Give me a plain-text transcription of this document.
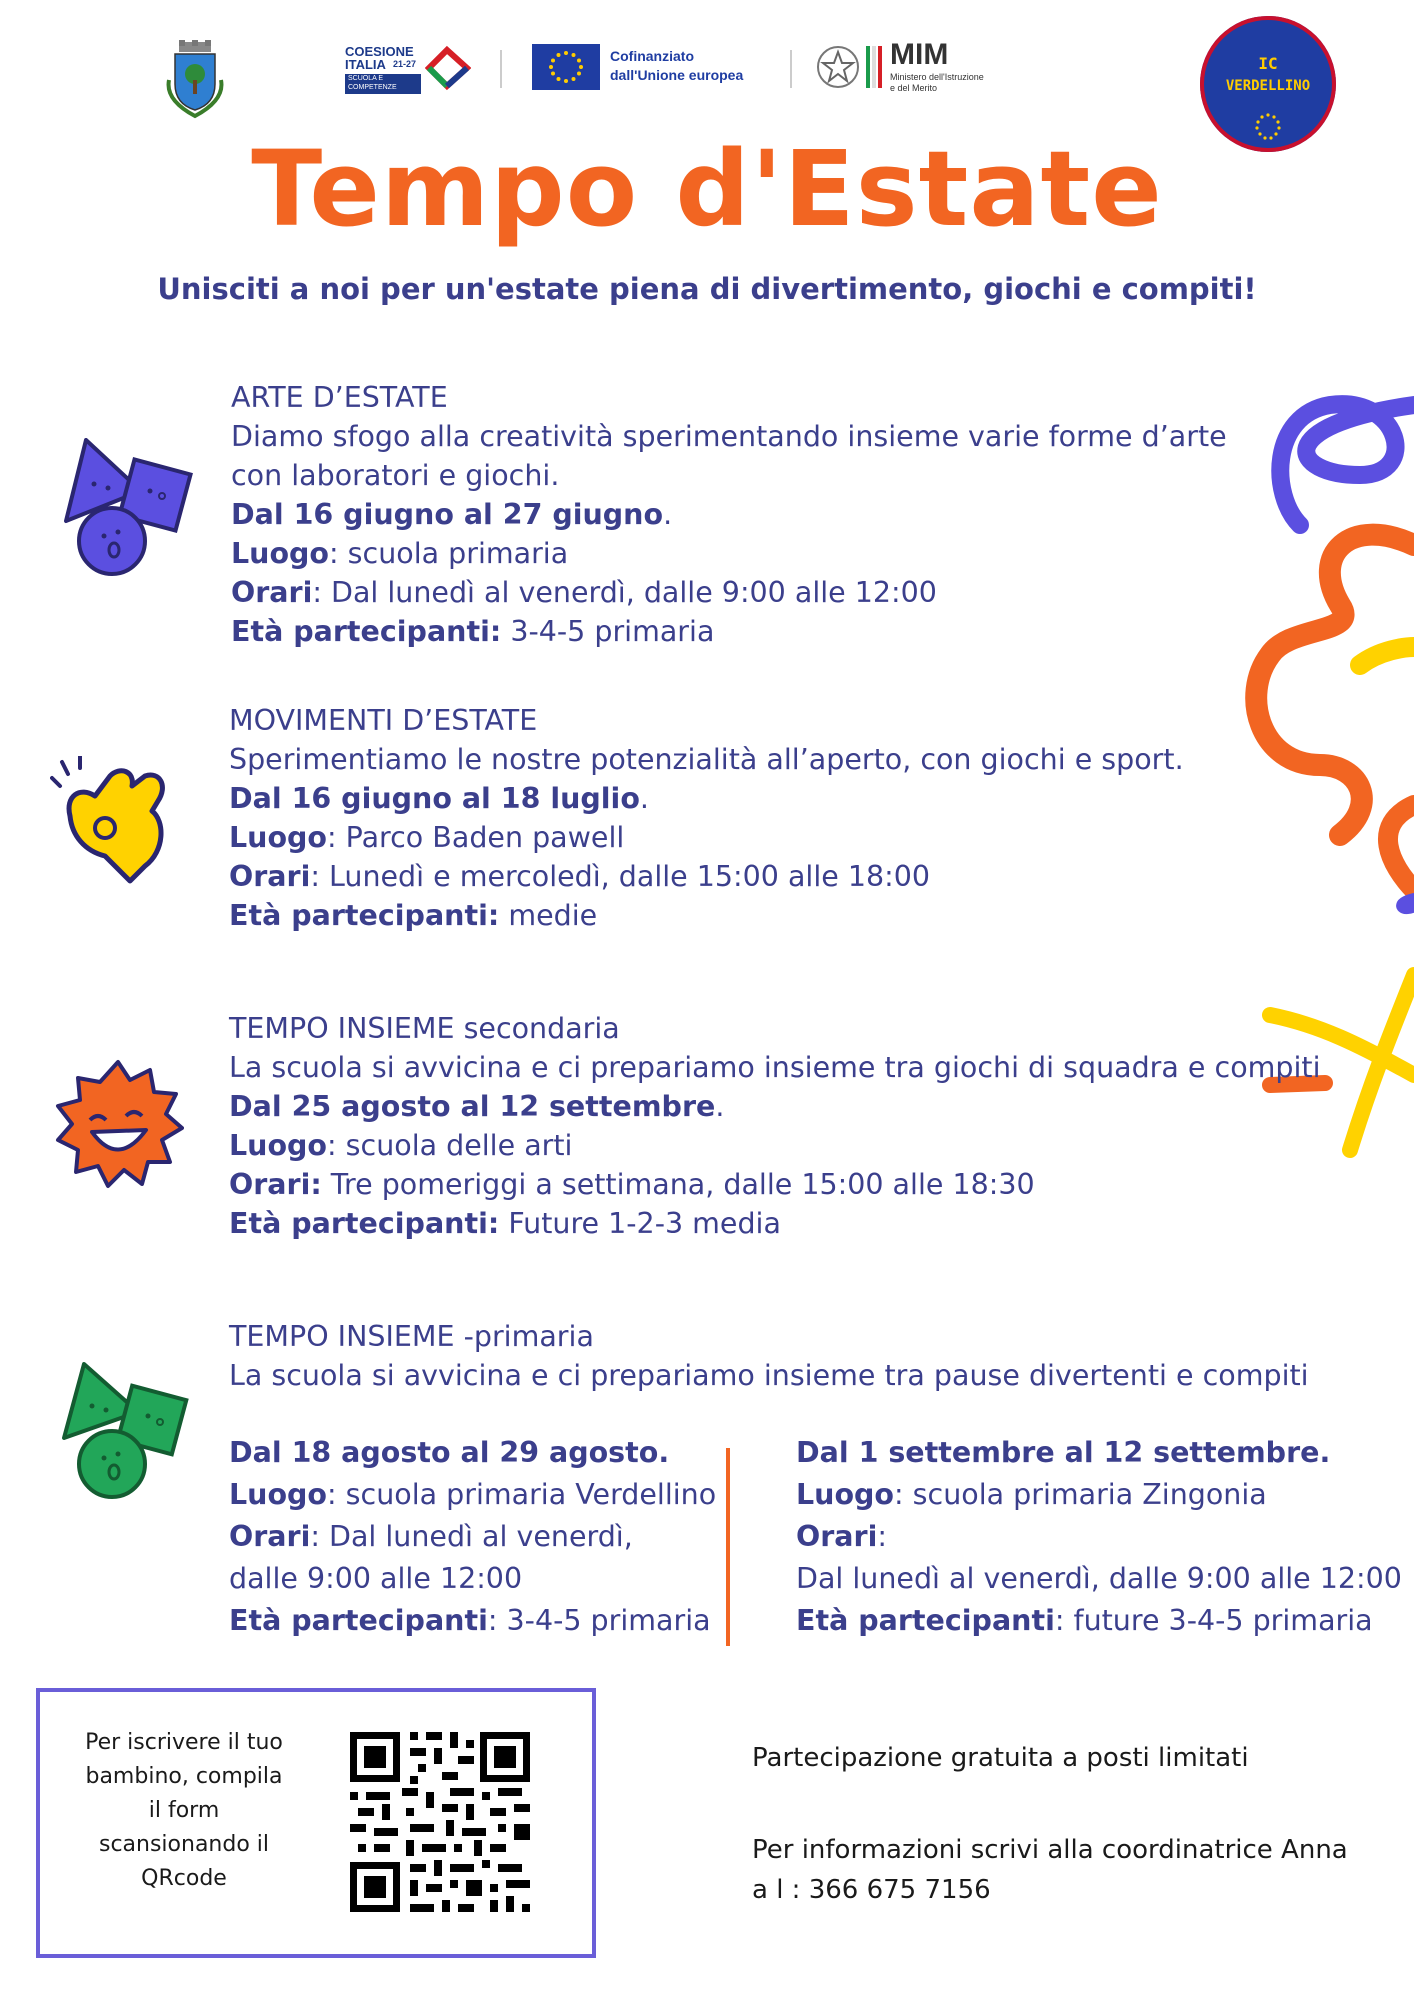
COESIONE
ITALIA 21-27
SCUOLA E
COMPETENZE
Cofinanziato
dall'Unione europea
MIM
Ministero dell'Istruzione
e del Merito
IC
VERDELLINO
Tempo d'Estate
Unisciti a noi per un'estate piena di divertimento, giochi e compiti!
ARTE D’ESTATE
Diamo sfogo alla creatività sperimentando insieme varie forme d’arte
con laboratori e giochi.
Dal 16 giugno al 27 giugno.
Luogo: scuola primaria
Orari: Dal lunedì al venerdì, dalle 9:00 alle 12:00
Età partecipanti: 3-4-5 primaria
MOVIMENTI D’ESTATE
Sperimentiamo le nostre potenzialità all’aperto, con giochi e sport.
Dal 16 giugno al 18 luglio.
Luogo: Parco Baden pawell
Orari: Lunedì e mercoledì, dalle 15:00 alle 18:00
Età partecipanti: medie
TEMPO INSIEME secondaria
La scuola si avvicina e ci prepariamo insieme tra giochi di squadra e compiti
Dal 25 agosto al 12 settembre.
Luogo: scuola delle arti
Orari: Tre pomeriggi a settimana, dalle 15:00 alle 18:30
Età partecipanti: Future 1-2-3 media
TEMPO INSIEME -primaria
La scuola si avvicina e ci prepariamo insieme tra pause divertenti e compiti
Dal 18 agosto al 29 agosto.
Luogo: scuola primaria Verdellino
Orari: Dal lunedì al venerdì,
dalle 9:00 alle 12:00
Età partecipanti: 3-4-5 primaria
Dal 1 settembre al 12 settembre.
Luogo: scuola primaria Zingonia
Orari:
Dal lunedì al venerdì, dalle 9:00 alle 12:00
Età partecipanti: future 3-4-5 primaria
Per iscrivere il tuo
bambino, compila
il form
scansionando il
QRcode
Partecipazione gratuita a posti limitati
Per informazioni scrivi alla coordinatrice Anna
a l : 366 675 7156
